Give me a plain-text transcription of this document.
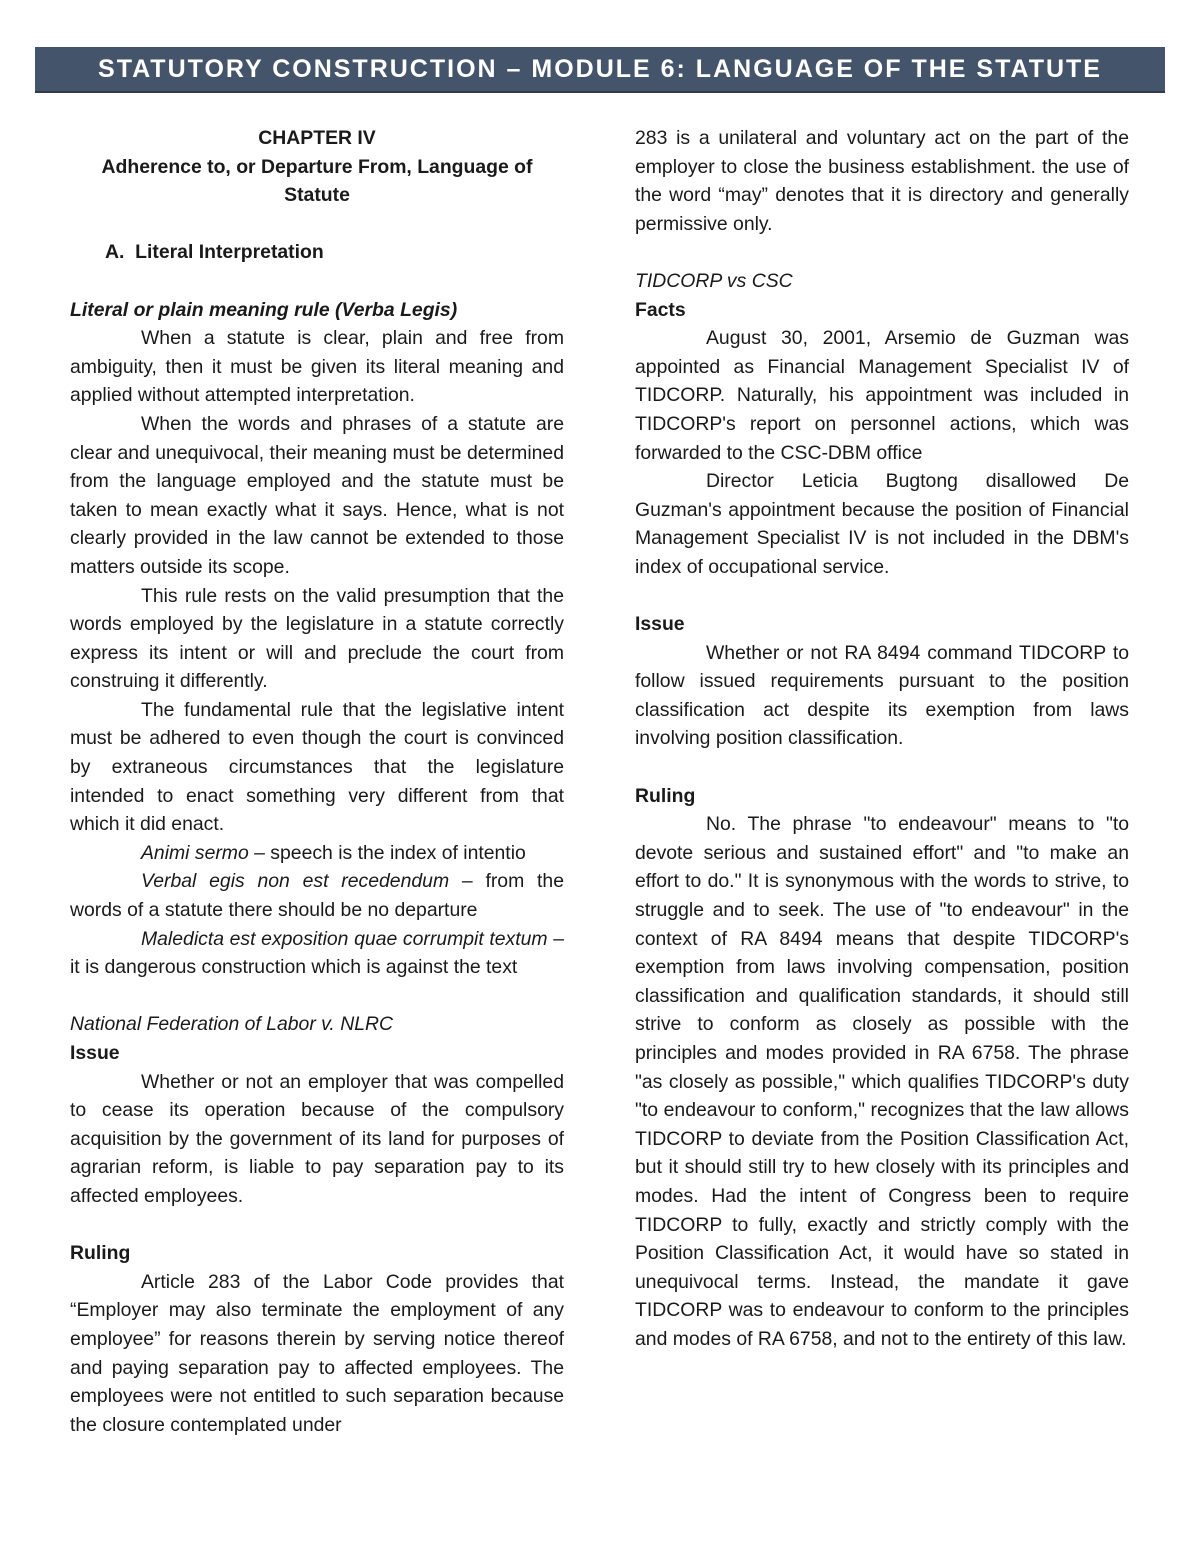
STATUTORY CONSTRUCTION – MODULE 6: LANGUAGE OF THE STATUTE

CHAPTER IV

Adherence to, or Departure From, Language of Statute

A.  Literal Interpretation

Literal or plain meaning rule (Verba Legis)

When a statute is clear, plain and free from ambiguity, then it must be given its literal meaning and applied without attempted interpretation.

When the words and phrases of a statute are clear and unequivocal, their meaning must be determined from the language employed and the statute must be taken to mean exactly what it says. Hence, what is not clearly provided in the law cannot be extended to those matters outside its scope.

This rule rests on the valid presumption that the words employed by the legislature in a statute correctly express its intent or will and preclude the court from construing it differently.

The fundamental rule that the legislative intent must be adhered to even though the court is convinced by extraneous circumstances that the legislature intended to enact something very different from that which it did enact.

Animi sermo – speech is the index of intentio

Verbal egis non est recedendum – from the words of a statute there should be no departure

Maledicta est exposition quae corrumpit textum – it is dangerous construction which is against the text

National Federation of Labor v. NLRC

Issue

Whether or not an employer that was compelled to cease its operation because of the compulsory acquisition by the government of its land for purposes of agrarian reform, is liable to pay separation pay to its affected employees.

Ruling

Article 283 of the Labor Code provides that “Employer may also terminate the employment of any employee” for reasons therein by serving notice thereof and paying separation pay to affected employees. The employees were not entitled to such separation because the closure contemplated under

283 is a unilateral and voluntary act on the part of the employer to close the business establishment. the use of the word “may” denotes that it is directory and generally permissive only.

TIDCORP vs CSC

Facts

August 30, 2001, Arsemio de Guzman was appointed as Financial Management Specialist IV of TIDCORP. Naturally, his appointment was included in TIDCORP's report on personnel actions, which was forwarded to the CSC-DBM office

Director Leticia Bugtong disallowed De Guzman's appointment because the position of Financial Management Specialist IV is not included in the DBM's index of occupational service.

Issue

Whether or not RA 8494 command TIDCORP to follow issued requirements pursuant to the position classification act despite its exemption from laws involving position classification.

Ruling

No. The phrase "to endeavour" means to "to devote serious and sustained effort" and "to make an effort to do." It is synonymous with the words to strive, to struggle and to seek. The use of "to endeavour" in the context of RA 8494 means that despite TIDCORP's exemption from laws involving compensation, position classification and qualification standards, it should still strive to conform as closely as possible with the principles and modes provided in RA 6758. The phrase "as closely as possible," which qualifies TIDCORP's duty "to endeavour to conform," recognizes that the law allows TIDCORP to deviate from the Position Classification Act, but it should still try to hew closely with its principles and modes. Had the intent of Congress been to require TIDCORP to fully, exactly and strictly comply with the Position Classification Act, it would have so stated in unequivocal terms. Instead, the mandate it gave TIDCORP was to endeavour to conform to the principles and modes of RA 6758, and not to the entirety of this law.
